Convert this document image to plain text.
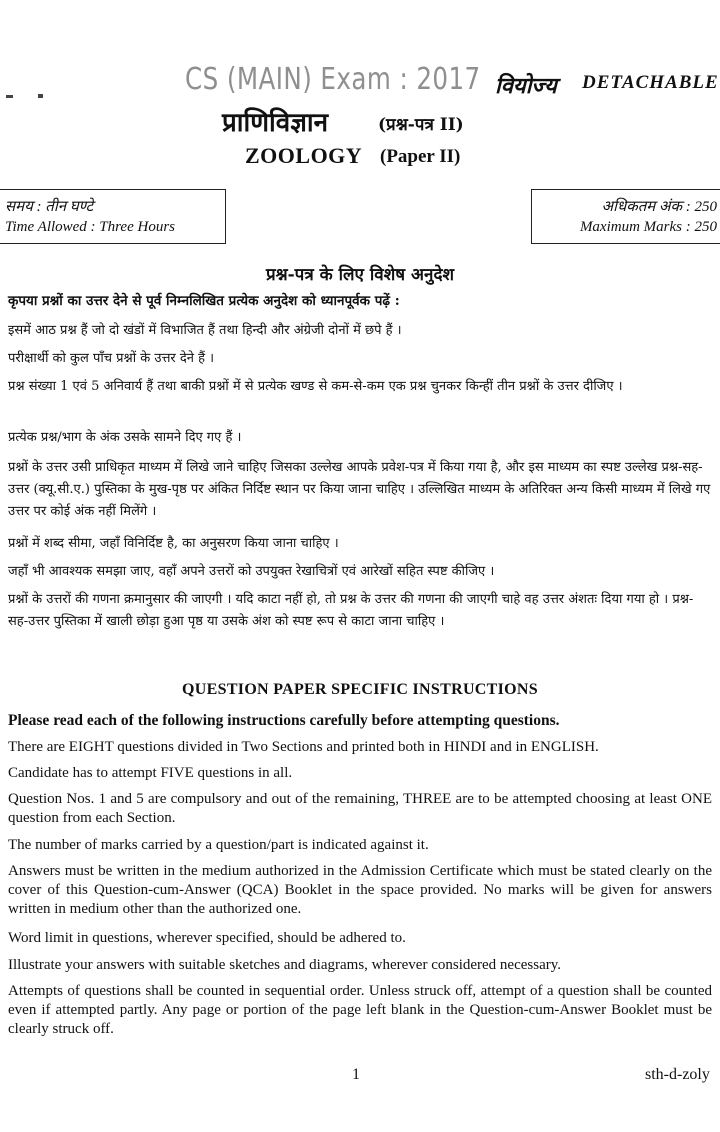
CS (MAIN) Exam : 2017 वियोज्य DETACHABLE
प्राणिविज्ञान	(प्रश्न-पत्र II)
ZOOLOGY (Paper II)
समय : तीन घण्टे
Time Allowed : Three Hours
अधिकतम अंक : 250
Maximum Marks : 250
प्रश्न-पत्र के लिए विशेष अनुदेश
कृपया प्रश्नों का उत्तर देने से पूर्व निम्नलिखित प्रत्येक अनुदेश को ध्यानपूर्वक पढ़ें :
इसमें आठ प्रश्न हैं जो दो खंडों में विभाजित हैं तथा हिन्दी और अंग्रेजी दोनों में छपे हैं ।
परीक्षार्थी को कुल पाँच प्रश्नों के उत्तर देने हैं ।
प्रश्न संख्या 1 एवं 5 अनिवार्य हैं तथा बाकी प्रश्नों में से प्रत्येक खण्ड से कम-से-कम एक प्रश्न चुनकर किन्हीं तीन प्रश्नों के उत्तर दीजिए ।
प्रत्येक प्रश्न/भाग के अंक उसके सामने दिए गए हैं ।
प्रश्नों के उत्तर उसी प्राधिकृत माध्यम में लिखे जाने चाहिए जिसका उल्लेख आपके प्रवेश-पत्र में किया गया है, और इस माध्यम का स्पष्ट उल्लेख प्रश्न-सह-उत्तर (क्यू.सी.ए.) पुस्तिका के मुख-पृष्ठ पर अंकित निर्दिष्ट स्थान पर किया जाना चाहिए । उल्लिखित माध्यम के अतिरिक्त अन्य किसी माध्यम में लिखे गए उत्तर पर कोई अंक नहीं मिलेंगे ।
प्रश्नों में शब्द सीमा, जहाँ विनिर्दिष्ट है, का अनुसरण किया जाना चाहिए ।
जहाँ भी आवश्यक समझा जाए, वहाँ अपने उत्तरों को उपयुक्त रेखाचित्रों एवं आरेखों सहित स्पष्ट कीजिए ।
प्रश्नों के उत्तरों की गणना क्रमानुसार की जाएगी । यदि काटा नहीं हो, तो प्रश्न के उत्तर की गणना की जाएगी चाहे वह उत्तर अंशतः दिया गया हो । प्रश्न-सह-उत्तर पुस्तिका में खाली छोड़ा हुआ पृष्ठ या उसके अंश को स्पष्ट रूप से काटा जाना चाहिए ।
QUESTION PAPER SPECIFIC INSTRUCTIONS
Please read each of the following instructions carefully before attempting questions.
There are EIGHT questions divided in Two Sections and printed both in HINDI and in ENGLISH.
Candidate has to attempt FIVE questions in all.
Question Nos. 1 and 5 are compulsory and out of the remaining, THREE are to be attempted choosing at least ONE question from each Section.
The number of marks carried by a question/part is indicated against it.
Answers must be written in the medium authorized in the Admission Certificate which must be stated clearly on the cover of this Question-cum-Answer (QCA) Booklet in the space provided. No marks will be given for answers written in medium other than the authorized one.
Word limit in questions, wherever specified, should be adhered to.
Illustrate your answers with suitable sketches and diagrams, wherever considered necessary.
Attempts of questions shall be counted in sequential order. Unless struck off, attempt of a question shall be counted even if attempted partly. Any page or portion of the page left blank in the Question-cum-Answer Booklet must be clearly struck off.
1	sth-d-zoly
